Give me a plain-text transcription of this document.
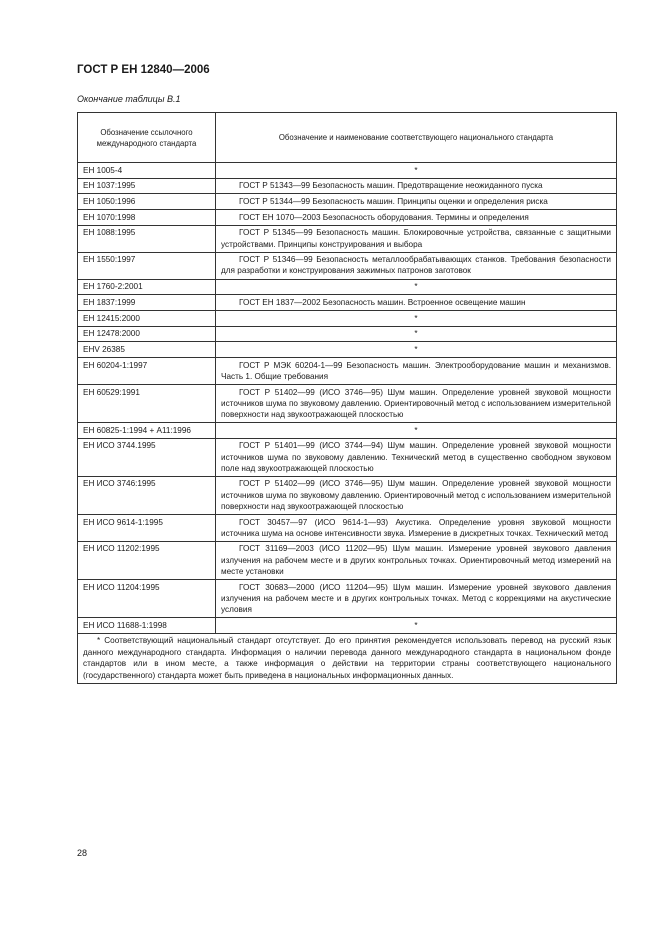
ГОСТ Р ЕН 12840—2006
Окончание таблицы В.1
Обозначение ссылочного международного стандарта	Обозначение и наименование соответствующего национального стандарта
ЕН 1005-4	*
ЕН 1037:1995	ГОСТ Р 51343—99 Безопасность машин. Предотвращение неожиданного пуска
ЕН 1050:1996	ГОСТ Р 51344—99 Безопасность машин. Принципы оценки и определения риска
ЕН 1070:1998	ГОСТ ЕН 1070—2003 Безопасность оборудования. Термины и определения
ЕН 1088:1995	ГОСТ Р 51345—99 Безопасность машин. Блокировочные устройства, связанные с защитными устройствами. Принципы конструирования и выбора
ЕН 1550:1997	ГОСТ Р 51346—99 Безопасность металлообрабатывающих станков. Требования безопасности для разработки и конструирования зажимных патронов заготовок
ЕН 1760-2:2001	*
ЕН 1837:1999	ГОСТ ЕН 1837—2002 Безопасность машин. Встроенное освещение машин
ЕН 12415:2000	*
ЕН 12478:2000	*
ЕНV 26385	*
ЕН 60204-1:1997	ГОСТ Р МЭК 60204-1—99 Безопасность машин. Электрооборудование машин и механизмов. Часть 1. Общие требования
ЕН 60529:1991	ГОСТ Р 51402—99 (ИСО 3746—95) Шум машин. Определение уровней звуковой мощности источников шума по звуковому давлению. Ориентировочный метод с использованием измерительной поверхности над звукоотражающей плоскостью
ЕН 60825-1:1994 + А11:1996	*
ЕН ИСО 3744.1995	ГОСТ Р 51401—99 (ИСО 3744—94) Шум машин. Определение уровней звуковой мощности источников шума по звуковому давлению. Технический метод в существенно свободном звуковом поле над звукоотражающей плоскостью
ЕН ИСО 3746:1995	ГОСТ Р 51402—99 (ИСО 3746—95) Шум машин. Определение уровней звуковой мощности источников шума по звуковому давлению. Ориентировочный метод с использованием измерительной поверхности над звукоотражающей плоскостью
ЕН ИСО 9614-1:1995	ГОСТ 30457—97 (ИСО 9614-1—93) Акустика. Определение уровня звуковой мощности источника шума на основе интенсивности звука. Измерение в дискретных точках. Технический метод
ЕН ИСО 11202:1995	ГОСТ 31169—2003 (ИСО 11202—95) Шум машин. Измерение уровней звукового давления излучения на рабочем месте и в других контрольных точках. Ориентировочный метод измерений на месте установки
ЕН ИСО 11204:1995	ГОСТ 30683—2000 (ИСО 11204—95) Шум машин. Измерение уровней звукового давления излучения на рабочем месте и в других контрольных точках. Метод с коррекциями на акустические условия
ЕН ИСО 11688-1:1998	*
* Соответствующий национальный стандарт отсутствует. До его принятия рекомендуется использовать перевод на русский язык данного международного стандарта. Информация о наличии перевода данного международного стандарта в национальном фонде стандартов или в ином месте, а также информация о действии на территории страны соответствующего национального (государственного) стандарта может быть приведена в национальных информационных данных.	
28
